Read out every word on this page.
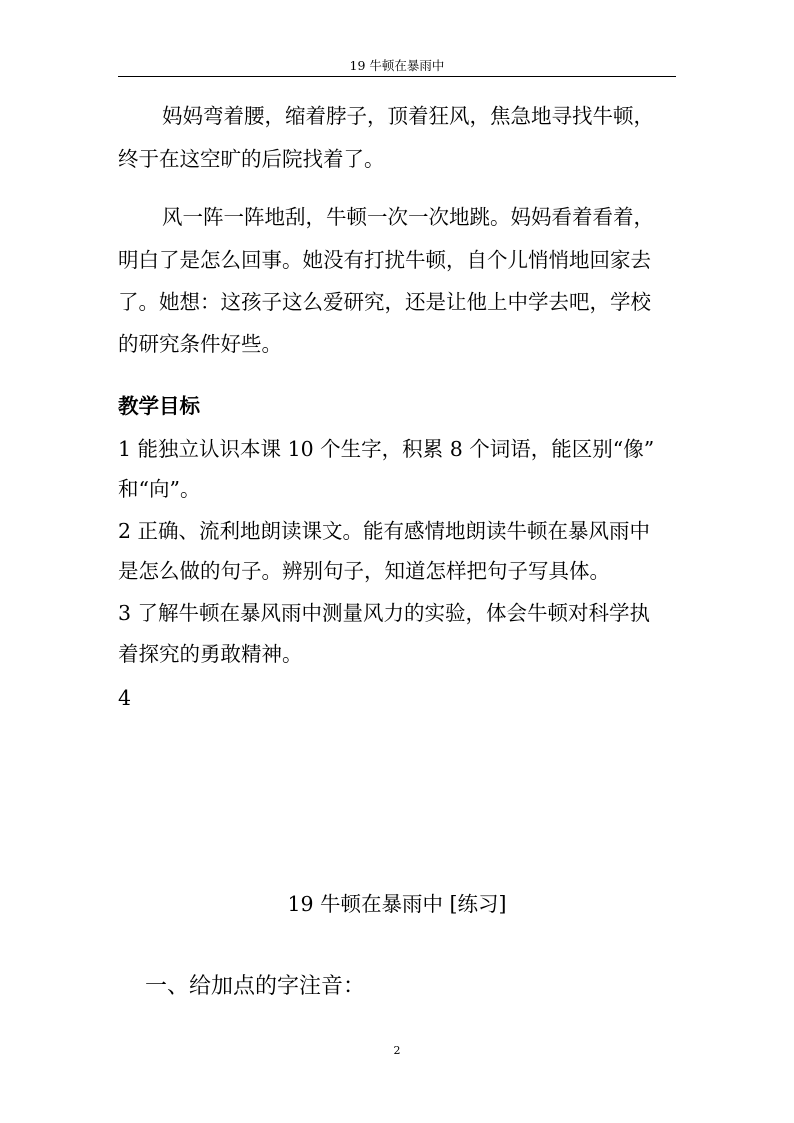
19 牛顿在暴雨中
妈妈弯着腰，缩着脖子，顶着狂风，焦急地寻找牛顿，
终于在这空旷的后院找着了。
风一阵一阵地刮，牛顿一次一次地跳。妈妈看着看着，
明白了是怎么回事。她没有打扰牛顿，自个儿悄悄地回家去
了。她想：这孩子这么爱研究，还是让他上中学去吧，学校
的研究条件好些。
教学目标
1 能独立认识本课 10 个生字，积累 8 个词语，能区别“像”
和“向”。
2 正确、流利地朗读课文。能有感情地朗读牛顿在暴风雨中
是怎么做的句子。辨别句子，知道怎样把句子写具体。
3 了解牛顿在暴风雨中测量风力的实验，体会牛顿对科学执
着探究的勇敢精神。
4
19 牛顿在暴雨中 [练习]
一、给加点的字注音：
2
